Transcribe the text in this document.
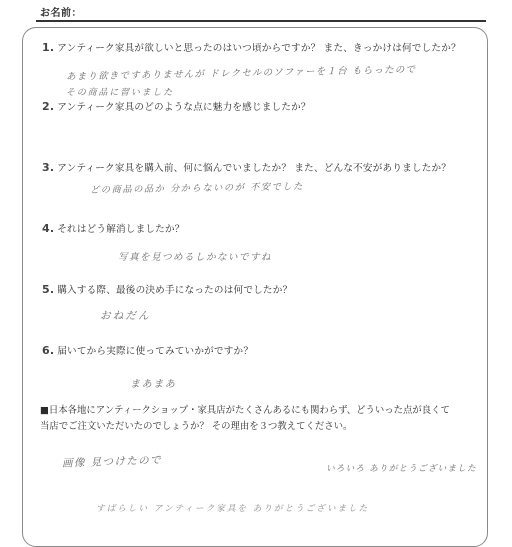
お名前：
1. アンティーク家具が欲しいと思ったのはいつ頃からですか？ また、きっかけは何でしたか？
あまり欲きですありませんが ドレクセルのソファーを１台 もらったので
その商品に習いました
2. アンティーク家具のどのような点に魅力を感じましたか？
3. アンティーク家具を購入前、何に悩んでいましたか？ また、どんな不安がありましたか？
どの商品の品か 分からないのが 不安でした
4. それはどう解消しましたか？
写真を見つめるしかないですね
5. 購入する際、最後の決め手になったのは何でしたか？
おねだん
6. 届いてから実際に使ってみていかがですか？
まあまあ
■日本各地にアンティークショップ・家具店がたくさんあるにも関わらず、どういった点が良くて
当店でご注文いただいたのでしょうか？ その理由を３つ教えてください。
画像 見つけたので	いろいろ ありがとうございました
すばらしい アンティーク家具を ありがとうございました
